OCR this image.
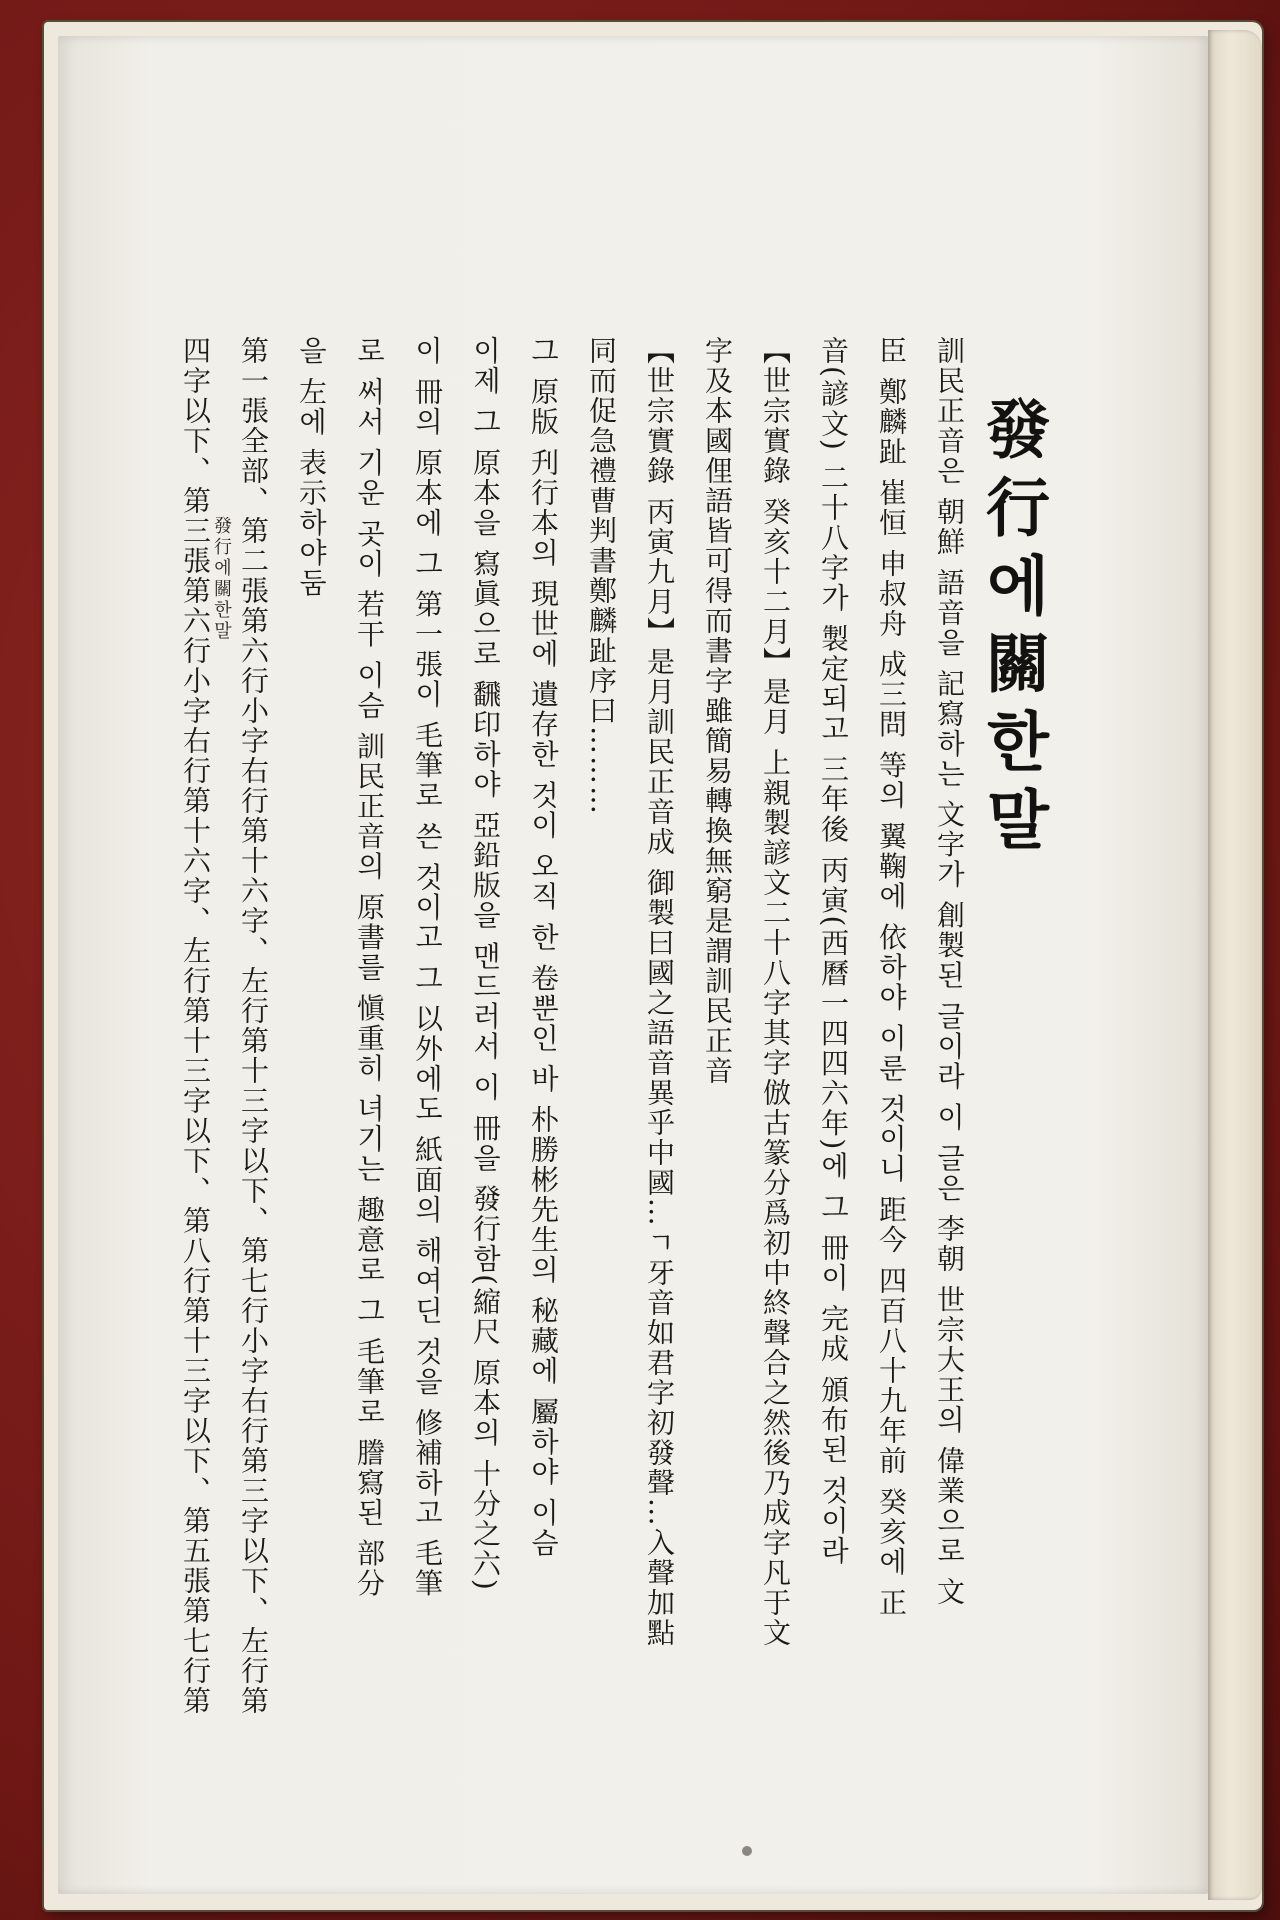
發行에關한말
訓民正音은 朝鮮 語音을 記寫하는 文字가 創製된 글이라 이 글은 李朝 世宗大王의 偉業으로 文
臣 鄭麟趾 崔恒 申叔舟 成三問 等의 翼鞠에 依하야 이룬 것이니 距今 四百八十九年前 癸亥에 正
音(諺文) 二十八字가 製定되고 三年後 丙寅(西曆一四四六年)에 그 冊이 完成 頒布된 것이라
【世宗實錄 癸亥十二月】是月 上親製諺文二十八字其字倣古篆分爲初中終聲合之然後乃成字凡于文
字及本國俚語皆可得而書字雖簡易轉換無窮是謂訓民正音
【世宗實錄 丙寅九月】是月訓民正音成 御製曰國之語音異乎中國…ㄱ牙音如君字初發聲…入聲加點
同而促急禮曹判書鄭麟趾序曰………
그 原版 刋行本의 現世에 遺存한 것이 오직 한 卷뿐인 바 朴勝彬先生의 秘藏에 屬하야 이슴
이제 그 原本을 寫眞으로 飜印하야 亞鉛版을 맨드러서 이 冊을 發行함(縮尺 原本의 十分之六)
이 冊의 原本에 그 第一張이 毛筆로 쓴 것이고 그 以外에도 紙面의 해여딘 것을 修補하고 毛筆
로 써서 기운 곳이 若干 이슴 訓民正音의 原書를 愼重히 녀기는 趣意로 그 毛筆로 謄寫된 部分
을 左에 表示하야둠
第一張全部、第二張第六行小字右行第十六字、左行第十三字以下、第七行小字右行第三字以下、左行第
四字以下、第三張第六行小字右行第十六字、左行第十三字以下、第八行第十三字以下、第五張第七行第 發行에關한말
